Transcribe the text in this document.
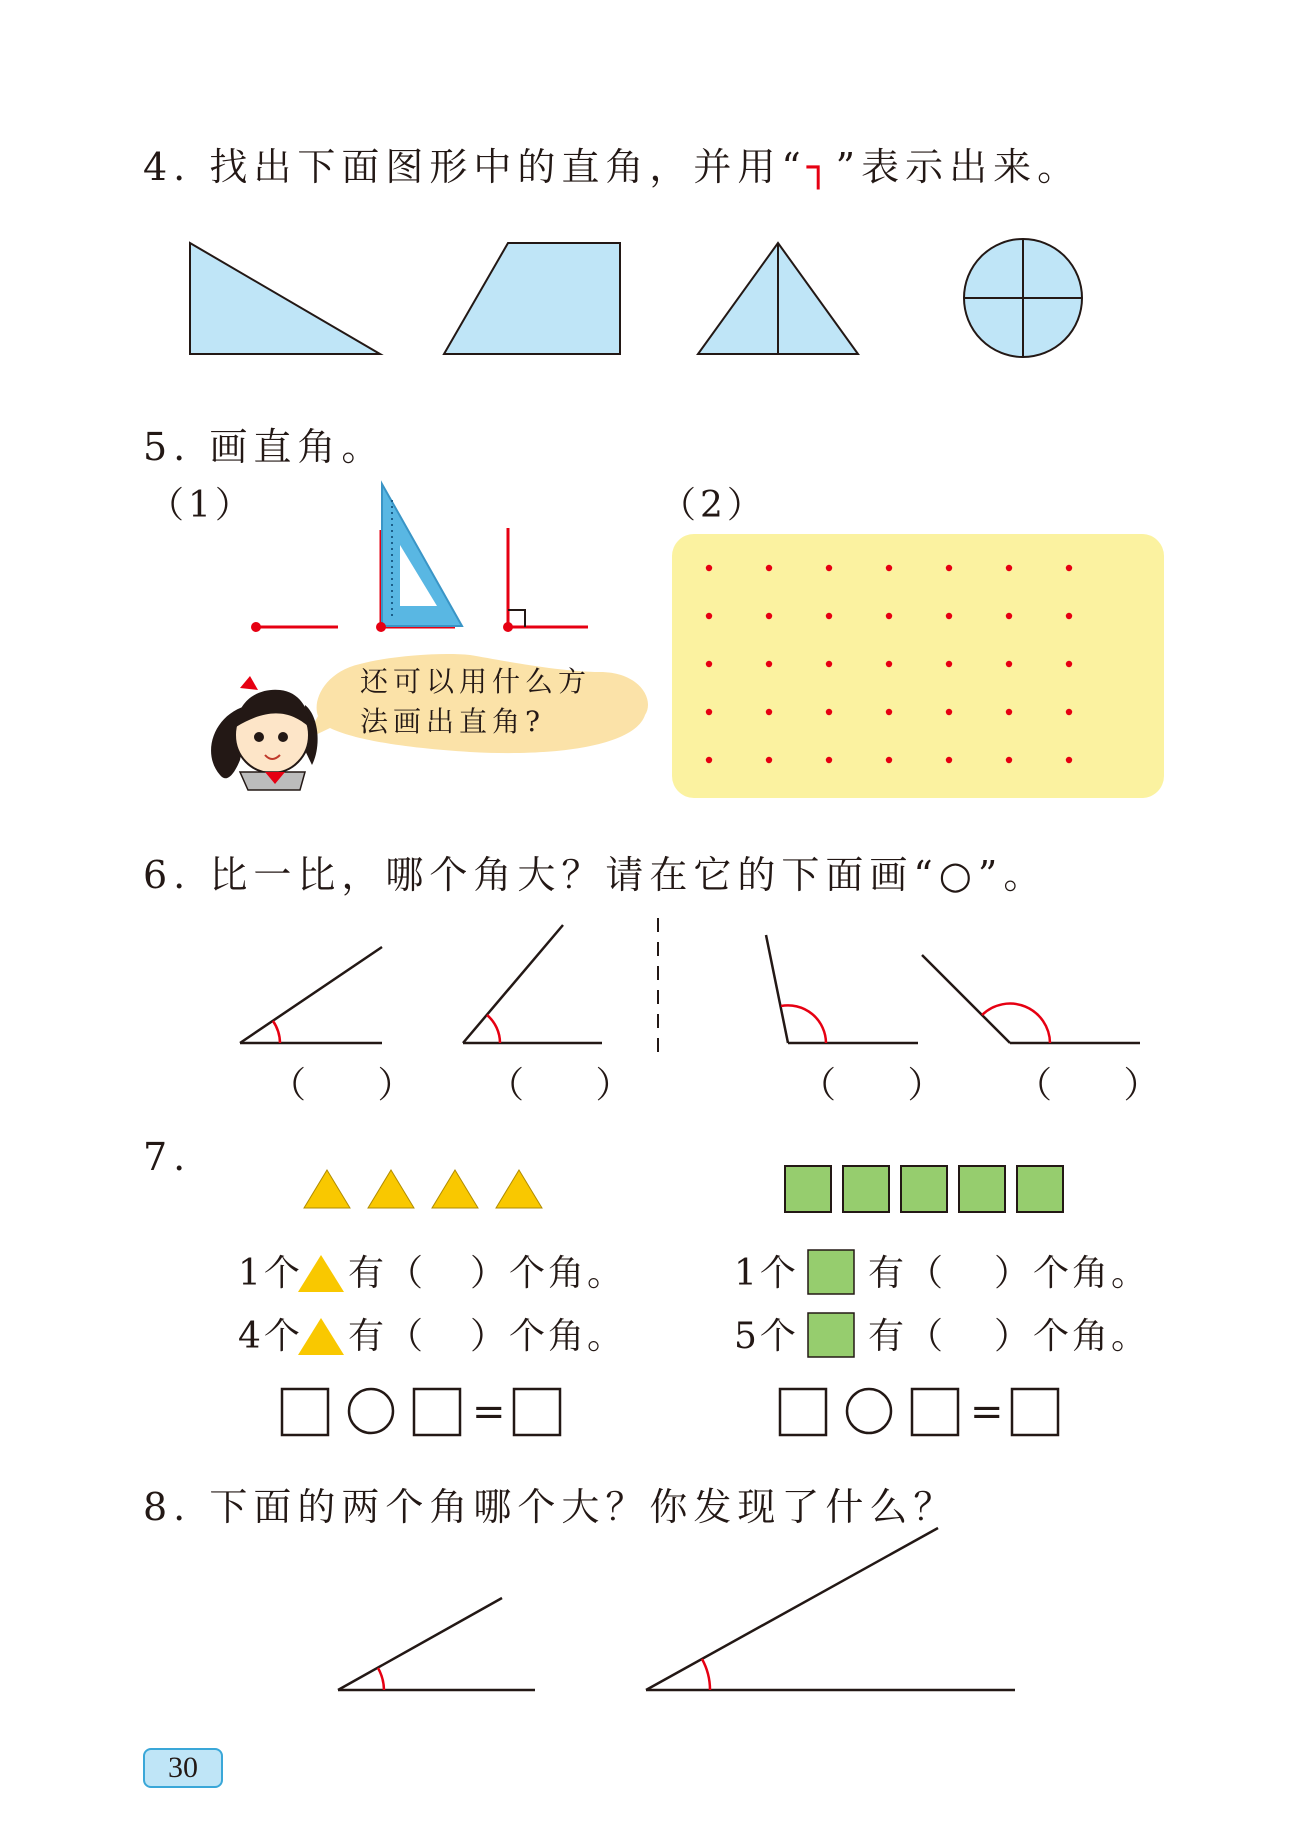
4. 找出下面图形中的直角，并用“┐”表示出来。
5. 画直角。
（1）	（2）
还可以用什么方法画出直角?
6. 比一比，哪个角大？请在它的下面画“○”。
（ ） （ ）	（ ） （ ）
7.
1个 有（ ）个角。
4个 有（ ）个角。
1个 有（ ）个角。
5个 有（ ）个角。
=	=
8. 下面的两个角哪个大？你发现了什么？
30
